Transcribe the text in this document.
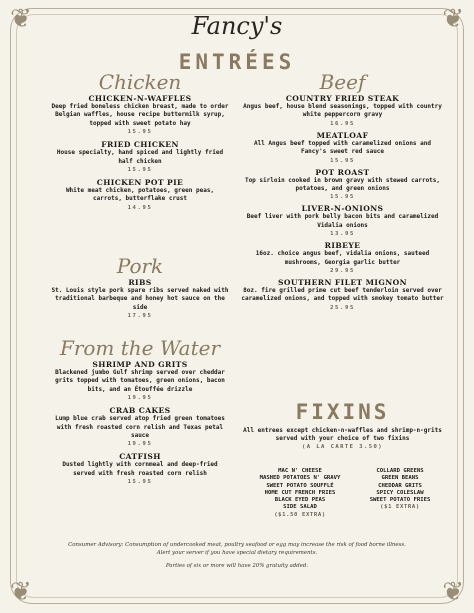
❦	❦
❦	❦
Fancy's
ENTRÉES
Chicken
CHICKEN-N-WAFFLES
Deep fried boneless chicken breast, made to order Belgian waffles, house recipe buttermilk syrup, topped with sweet potato hay
15.95
FRIED CHICKEN
House specialty, hand spiced and lightly fried half chicken
15.95
CHICKEN POT PIE
White meat chicken, potatoes, green peas, carrots, butterflake crust
14.95
Pork
RIBS
St. Louis style pork spare ribs served naked with traditional barbeque and honey hot sauce on the side
17.95
From the Water
SHRIMP AND GRITS
Blackened jumbo Gulf shrimp served over cheddar grits topped with tomatoes, green onions, bacon bits, and an Étouffée drizzle
19.95
CRAB CAKES
Lump blue crab served atop fried green tomatoes with fresh roasted corn relish and Texas petal sauce
19.95
CATFISH
Dusted lightly with cornmeal and deep-fried served with fresh roasted corn relish
15.95
Beef
COUNTRY FRIED STEAK
Angus beef, house blend seasonings, topped with country white peppercorn gravy
16.95
MEATLOAF
All Angus beef topped with caramelized onions and Fancy's sweet red sauce
15.95
POT ROAST
Top sirloin cooked in brown gravy with stewed carrots, potatoes, and green onions
15.95
LIVER-N-ONIONS
Beef liver with pork belly bacon bits and caramelized Vidalia onions
13.95
RIBEYE
16oz. choice angus beef, vidalia onions, sauteed mushrooms, Georgia garlic butter
29.95
SOUTHERN FILET MIGNON
8oz. fire grilled prime cut beef tenderloin served over caramelized onions, and topped with smokey tomato butter
25.95
FIXINS
All entrees except chicken-n-waffles and shrimp-n-grits served with your choice of two fixins
(A LA CARTE 3.50)
MAC N' CHEESE
MASHED POTATOES N' GRAVY
SWEET POTATO SOUFFLÉ
HOME CUT FRENCH FRIES
BLACK EYED PEAS
SIDE SALAD
($1.50 EXTRA)
COLLARD GREENS
GREEN BEANS
CHEDDAR GRITS
SPICY COLESLAW
SWEET POTATO FRIES
($1 EXTRA)
Consumer Advisory: Consumption of undercooked meat, poultry seafood or egg may increase the risk of food borne illness.
Alert your server if you have special dietary requirements.
Parties of six or more will have 20% gratuity added.
